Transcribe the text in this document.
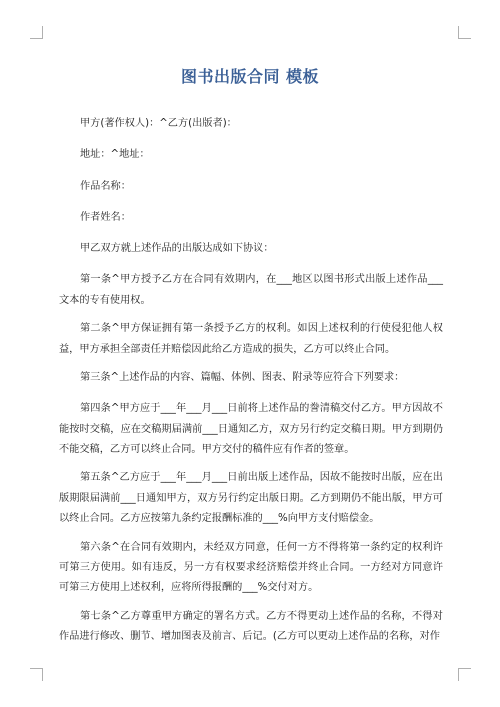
图书出版合同 模板

甲方(著作权人)：^乙方(出版者)：

地址：^地址：

作品名称：

作者姓名：

甲乙双方就上述作品的出版达成如下协议：

第一条^甲方授予乙方在合同有效期内，在___地区以图书形式出版上述作品___文本的专有使用权。

第二条^甲方保证拥有第一条授予乙方的权利。如因上述权利的行使侵犯他人权益，甲方承担全部责任并赔偿因此给乙方造成的损失，乙方可以终止合同。

第三条^上述作品的内容、篇幅、体例、图表、附录等应符合下列要求：

第四条^甲方应于___年___月___日前将上述作品的誊清稿交付乙方。甲方因故不能按时交稿，应在交稿期届满前___日通知乙方，双方另行约定交稿日期。甲方到期仍不能交稿，乙方可以终止合同。甲方交付的稿件应有作者的签章。

第五条^乙方应于___年___月___日前出版上述作品，因故不能按时出版，应在出版期限届满前___日通知甲方，双方另行约定出版日期。乙方到期仍不能出版，甲方可以终止合同。乙方应按第九条约定报酬标准的___%向甲方支付赔偿金。

第六条^在合同有效期内，未经双方同意，任何一方不得将第一条约定的权利许可第三方使用。如有违反，另一方有权要求经济赔偿并终止合同。一方经对方同意许可第三方使用上述权利，应将所得报酬的___%交付对方。

第七条^乙方尊重甲方确定的署名方式。乙方不得更动上述作品的名称，不得对作品进行修改、删节、增加图表及前言、后记。(乙方可以更动上述作品的名称，对作
